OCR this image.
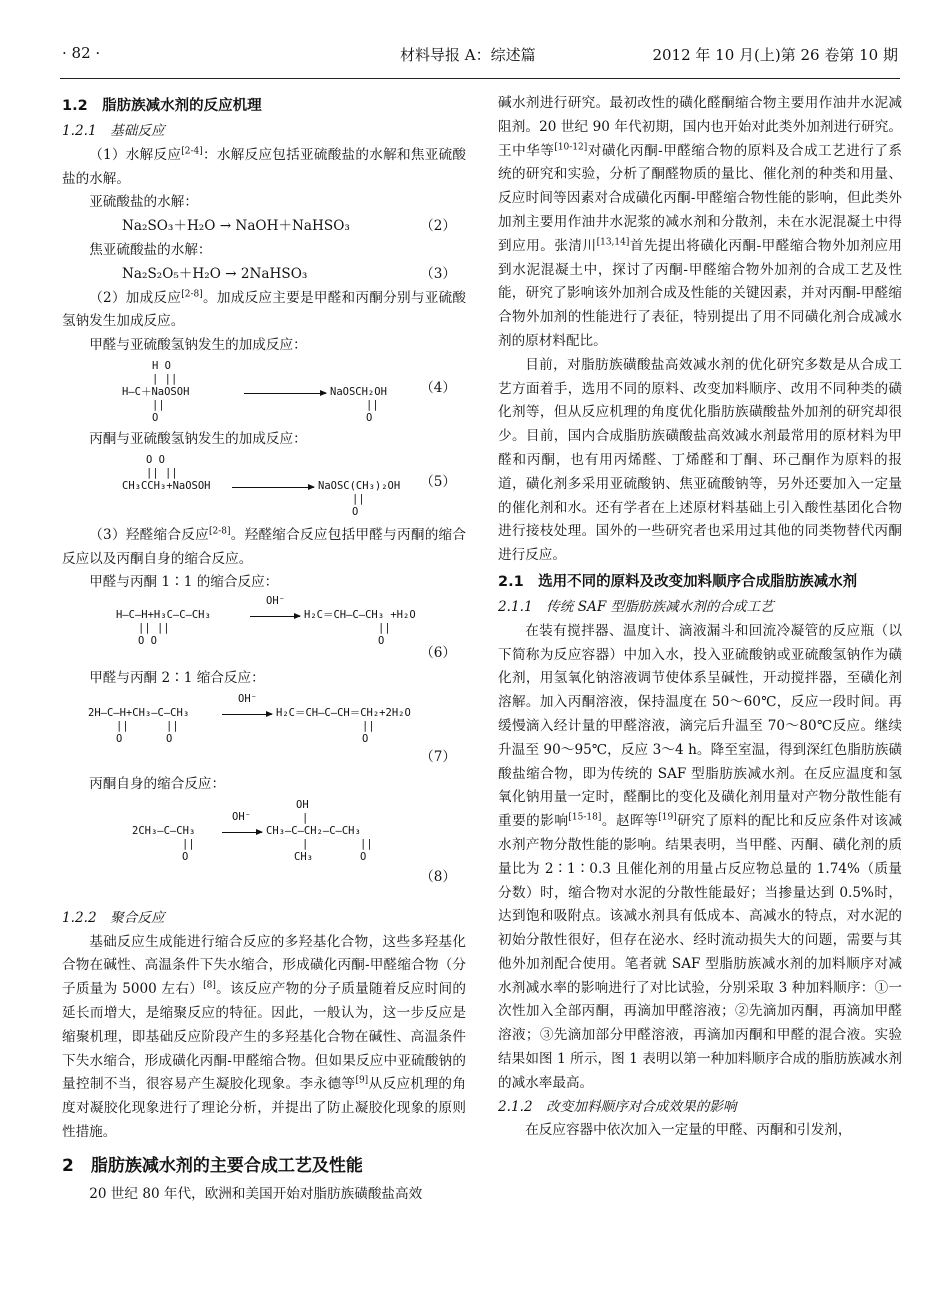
· 82 ·	材料导报 A：综述篇	2012 年 10 月(上)第 26 卷第 10 期

1.2　脂肪族减水剂的反应机理

1.2.1　基础反应

（1）水解反应[2-4]：水解反应包括亚硫酸盐的水解和焦亚硫酸盐的水解。

亚硫酸盐的水解：

Na₂SO₃＋H₂O → NaOH＋NaHSO₃	（2）

焦亚硫酸盐的水解：

Na₂S₂O₅＋H₂O → 2NaHSO₃	（3）

（2）加成反应[2-8]。加成反应主要是甲醛和丙酮分别与亚硫酸氢钠发生加成反应。

甲醛与亚硫酸氢钠发生的加成反应：

H O
| ||
H—C＋NaOSOH	NaOSCH₂OH
||	||
O	O
（4）

丙酮与亚硫酸氢钠发生的加成反应：

O O
|| ||
CH₃CCH₃+NaOSOH	NaOSC(CH₃)₂OH
||
O
（5）

（3）羟醛缩合反应[2-8]。羟醛缩合反应包括甲醛与丙酮的缩合反应以及丙酮自身的缩合反应。

甲醛与丙酮 1∶1 的缩合反应：

H—C—H+H₃C—C—CH₃
OH⁻
H₂C＝CH—C—CH₃ +H₂O
|| ||
O O
||
O
（6）

甲醛与丙酮 2∶1 缩合反应：

2H—C—H+CH₃—C—CH₃
OH⁻
H₂C＝CH—C—CH＝CH₂+2H₂O
||	||	||
O	O	O
（7）

丙酮自身的缩合反应：

OH
|
2CH₃—C—CH₃
OH⁻
→ CH₃—C—CH₂—C—CH₃
||
O
|
CH₃
||
O
（8）

1.2.2　聚合反应

基础反应生成能进行缩合反应的多羟基化合物，这些多羟基化合物在碱性、高温条件下失水缩合，形成磺化丙酮-甲醛缩合物（分子质量为 5000 左右）[8]。该反应产物的分子质量随着反应时间的延长而增大，是缩聚反应的特征。因此，一般认为，这一步反应是缩聚机理，即基础反应阶段产生的多羟基化合物在碱性、高温条件下失水缩合，形成磺化丙酮-甲醛缩合物。但如果反应中亚硫酸钠的量控制不当，很容易产生凝胶化现象。李永德等[9]从反应机理的角度对凝胶化现象进行了理论分析，并提出了防止凝胶化现象的原则性措施。

2　脂肪族减水剂的主要合成工艺及性能

20 世纪 80 年代，欧洲和美国开始对脂肪族磺酸盐高效

碱水剂进行研究。最初改性的磺化醛酮缩合物主要用作油井水泥减阻剂。20 世纪 90 年代初期，国内也开始对此类外加剂进行研究。王中华等[10-12]对磺化丙酮-甲醛缩合物的原料及合成工艺进行了系统的研究和实验，分析了酮醛物质的量比、催化剂的种类和用量、反应时间等因素对合成磺化丙酮-甲醛缩合物性能的影响，但此类外加剂主要用作油井水泥浆的减水剂和分散剂，未在水泥混凝土中得到应用。张清川[13,14]首先提出将磺化丙酮-甲醛缩合物外加剂应用到水泥混凝土中，探讨了丙酮-甲醛缩合物外加剂的合成工艺及性能，研究了影响该外加剂合成及性能的关键因素，并对丙酮-甲醛缩合物外加剂的性能进行了表征，特别提出了用不同磺化剂合成减水剂的原材料配比。

目前，对脂肪族磺酸盐高效减水剂的优化研究多数是从合成工艺方面着手，选用不同的原料、改变加料顺序、改用不同种类的磺化剂等，但从反应机理的角度优化脂肪族磺酸盐外加剂的研究却很少。目前，国内合成脂肪族磺酸盐高效减水剂最常用的原材料为甲醛和丙酮，也有用丙烯醛、丁烯醛和丁酮、环己酮作为原料的报道，磺化剂多采用亚硫酸钠、焦亚硫酸钠等，另外还要加入一定量的催化剂和水。还有学者在上述原材料基础上引入酸性基团化合物进行接枝处理。国外的一些研究者也采用过其他的同类物替代丙酮进行反应。

2.1　选用不同的原料及改变加料顺序合成脂肪族减水剂

2.1.1　传统 SAF 型脂肪族减水剂的合成工艺

在装有搅拌器、温度计、滴液漏斗和回流冷凝管的反应瓶（以下简称为反应容器）中加入水，投入亚硫酸钠或亚硫酸氢钠作为磺化剂，用氢氧化钠溶液调节使体系呈碱性，开动搅拌器，至磺化剂溶解。加入丙酮溶液，保持温度在 50～60℃，反应一段时间。再缓慢滴入经计量的甲醛溶液，滴完后升温至 70～80℃反应。继续升温至 90～95℃，反应 3～4 h。降至室温，得到深红色脂肪族磺酸盐缩合物，即为传统的 SAF 型脂肪族减水剂。在反应温度和氢氧化钠用量一定时，醛酮比的变化及磺化剂用量对产物分散性能有重要的影响[15-18]。赵晖等[19]研究了原料的配比和反应条件对该减水剂产物分散性能的影响。结果表明，当甲醛、丙酮、磺化剂的质量比为 2∶1∶0.3 且催化剂的用量占反应物总量的 1.74%（质量分数）时，缩合物对水泥的分散性能最好；当掺量达到 0.5%时，达到饱和吸附点。该减水剂具有低成本、高减水的特点，对水泥的初始分散性很好，但存在泌水、经时流动损失大的问题，需要与其他外加剂配合使用。笔者就 SAF 型脂肪族减水剂的加料顺序对减水剂减水率的影响进行了对比试验，分别采取 3 种加料顺序：①一次性加入全部丙酮，再滴加甲醛溶液；②先滴加丙酮，再滴加甲醛溶液；③先滴加部分甲醛溶液，再滴加丙酮和甲醛的混合液。实验结果如图 1 所示，图 1 表明以第一种加料顺序合成的脂肪族减水剂的减水率最高。

2.1.2　改变加料顺序对合成效果的影响

在反应容器中依次加入一定量的甲醛、丙酮和引发剂，
